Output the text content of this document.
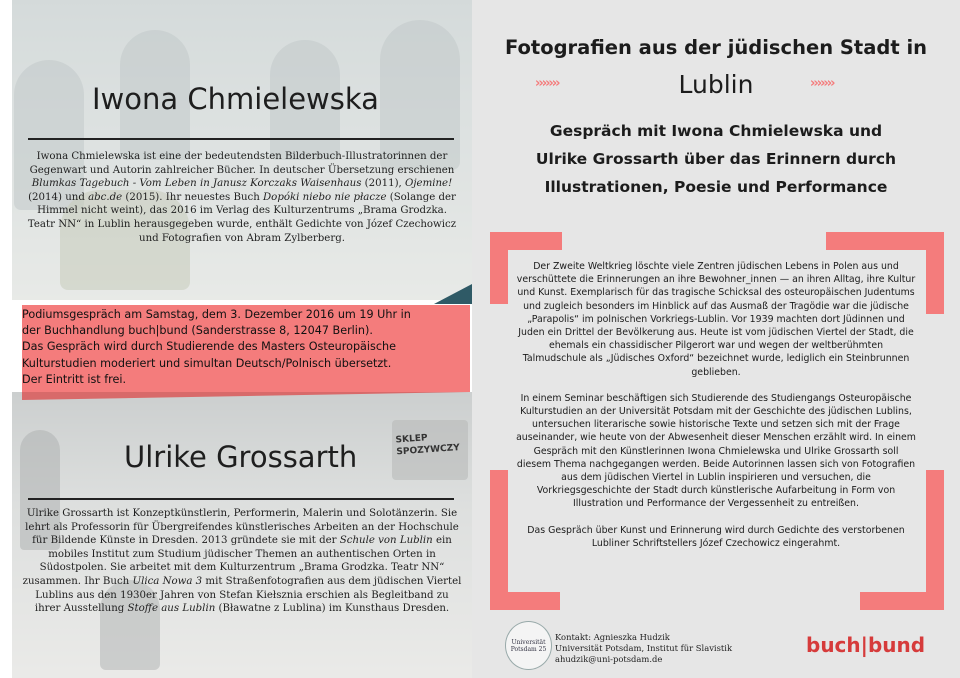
SKLEP SPOZYWCZY
Iwona Chmielewska
Iwona Chmielewska ist eine der bedeutendsten Bilderbuch-Illustratorinnen der Gegenwart und Autorin zahlreicher Bücher. In deutscher Übersetzung erschienen Blumkas Tagebuch - Vom Leben in Janusz Korczaks Waisenhaus (2011), Ojemine! (2014) und abc.de (2015). Ihr neuestes Buch Dopóki niebo nie płacze (Solange der Himmel nicht weint), das 2016 im Verlag des Kulturzentrums „Brama Grodzka. Teatr NN“ in Lublin herausgegeben wurde, enthält Gedichte von Józef Czechowicz und Fotografien von Abram Zylberberg.
Podiumsgespräch am Samstag, dem 3. Dezember 2016 um 19 Uhr in
der Buchhandlung buch|bund (Sanderstrasse 8, 12047 Berlin).
Das Gespräch wird durch Studierende des Masters Osteuropäische
Kulturstudien moderiert und simultan Deutsch/Polnisch übersetzt.
Der Eintritt ist frei.
Ulrike Grossarth
Ulrike Grossarth ist Konzeptkünstlerin, Performerin, Malerin und Solotänzerin. Sie lehrt als Professorin für Übergreifendes künstlerisches Arbeiten an der Hochschule für Bildende Künste in Dresden. 2013 gründete sie mit der Schule von Lublin ein mobiles Institut zum Studium jüdischer Themen an authentischen Orten in Südostpolen. Sie arbeitet mit dem Kulturzentrum „Brama Grodzka. Teatr NN“ zusammen. Ihr Buch Ulica Nowa 3 mit Straßenfotografien aus dem jüdischen Viertel Lublins aus den 1930er Jahren von Stefan Kiełsznia erschien als Begleitband zu ihrer Ausstellung Stoffe aus Lublin (Bławatne z Lublina) im Kunsthaus Dresden.
Fotografien aus der jüdischen Stadt in
›››››››	Lublin	›››››››
Gespräch mit Iwona Chmielewska und
Ulrike Grossarth über das Erinnern durch
Illustrationen, Poesie und Performance

Der Zweite Weltkrieg löschte viele Zentren jüdischen Lebens in Polen aus und verschüttete die Erinnerungen an ihre Bewohner_innen — an ihren Alltag, ihre Kultur und Kunst. Exemplarisch für das tragische Schicksal des osteuropäischen Judentums und zugleich besonders im Hinblick auf das Ausmaß der Tragödie war die jüdische „Parapolis“ im polnischen Vorkriegs-Lublin. Vor 1939 machten dort Jüdinnen und Juden ein Drittel der Bevölkerung aus. Heute ist vom jüdischen Viertel der Stadt, die ehemals ein chassidischer Pilgerort war und wegen der weltberühmten Talmudschule als „Jüdisches Oxford“ bezeichnet wurde, lediglich ein Steinbrunnen geblieben.

In einem Seminar beschäftigen sich Studierende des Studiengangs Osteuropäische Kulturstudien an der Universität Potsdam mit der Geschichte des jüdischen Lublins, untersuchen literarische sowie historische Texte und setzen sich mit der Frage auseinander, wie heute von der Abwesenheit dieser Menschen erzählt wird. In einem Gespräch mit den Künstlerinnen Iwona Chmielewska und Ulrike Grossarth soll diesem Thema nachgegangen werden. Beide Autorinnen lassen sich von Fotografien aus dem jüdischen Viertel in Lublin inspirieren und versuchen, die Vorkriegsgeschichte der Stadt durch künstlerische Aufarbeitung in Form von Illustration und Performance der Vergessenheit zu entreißen.

Das Gespräch über Kunst und Erinnerung wird durch Gedichte des verstorbenen Lubliner Schriftstellers Józef Czechowicz eingerahmt.

Universität Potsdam 25
Kontakt: Agnieszka Hudzik
Universität Potsdam, Institut für Slavistik
ahudzik@uni-potsdam.de
buch|bund
